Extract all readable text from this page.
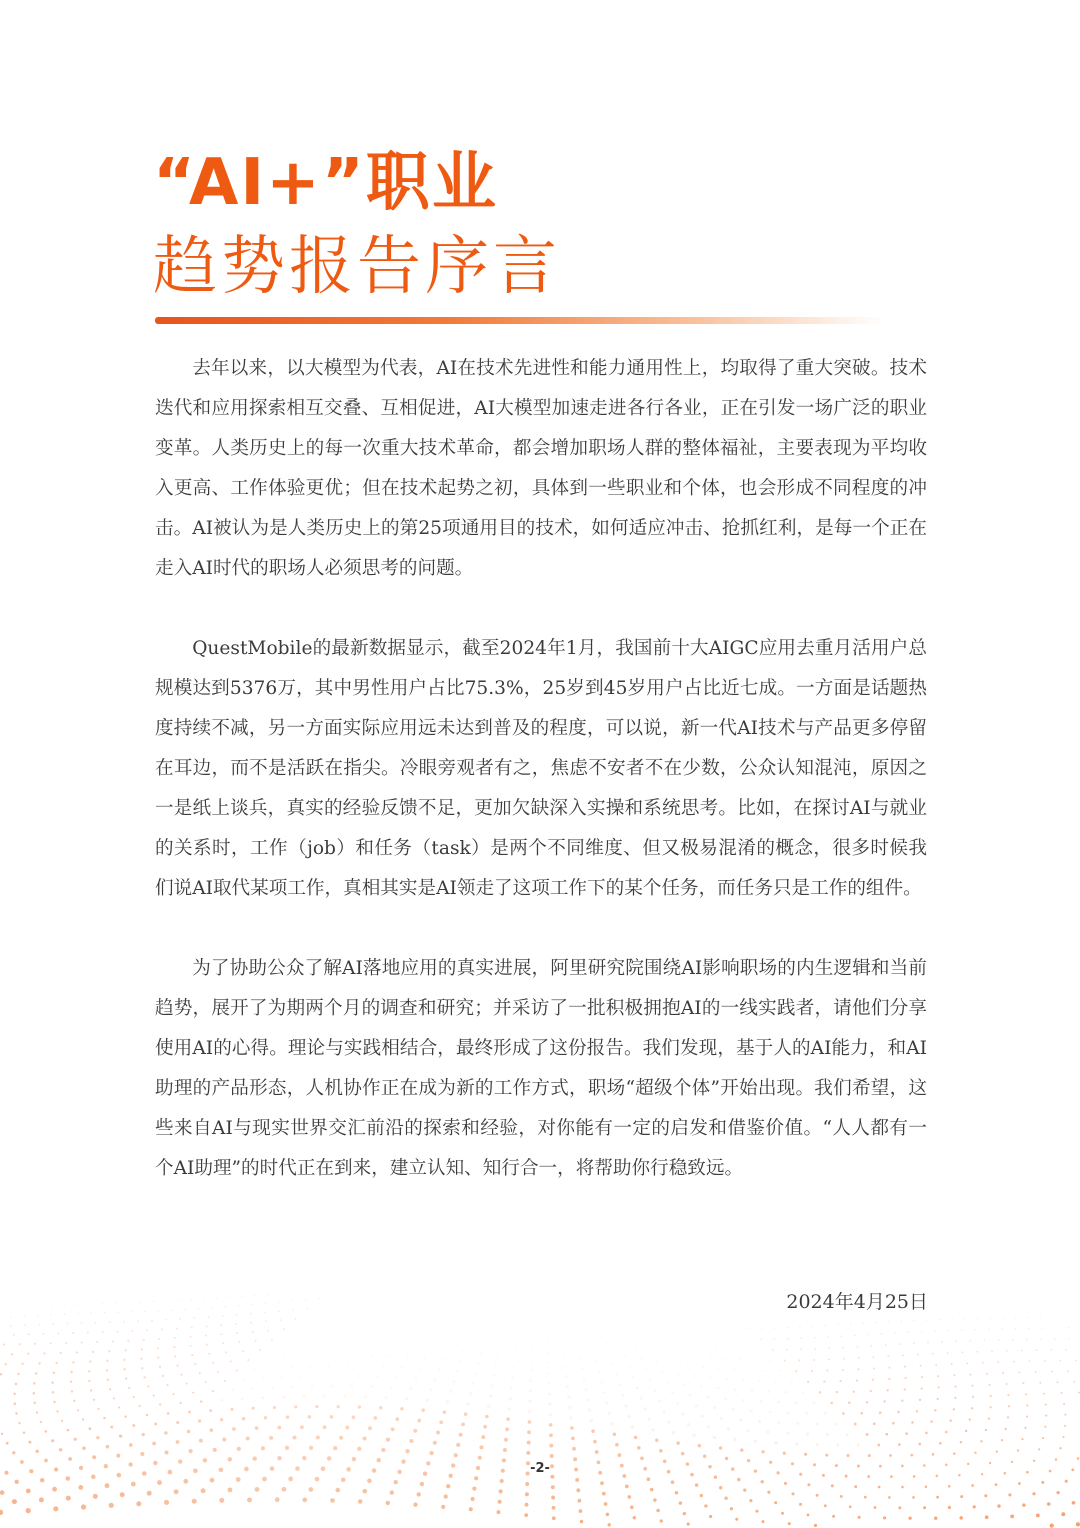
“AI+”职业
趋势报告序言

去年以来，以大模型为代表，AI在技术先进性和能力通用性上，均取得了重大突破。技术迭代和应用探索相互交叠、互相促进，AI大模型加速走进各行各业，正在引发一场广泛的职业变革。人类历史上的每一次重大技术革命，都会增加职场人群的整体福祉，主要表现为平均收入更高、工作体验更优；但在技术起势之初，具体到一些职业和个体，也会形成不同程度的冲击。AI被认为是人类历史上的第25项通用目的技术，如何适应冲击、抢抓红利，是每一个正在走入AI时代的职场人必须思考的问题。

QuestMobile的最新数据显示，截至2024年1月，我国前十大AIGC应用去重月活用户总规模达到5376万，其中男性用户占比75.3%，25岁到45岁用户占比近七成。一方面是话题热度持续不减，另一方面实际应用远未达到普及的程度，可以说，新一代AI技术与产品更多停留在耳边，而不是活跃在指尖。冷眼旁观者有之，焦虑不安者不在少数，公众认知混沌，原因之一是纸上谈兵，真实的经验反馈不足，更加欠缺深入实操和系统思考。比如，在探讨AI与就业的关系时，工作（job）和任务（task）是两个不同维度、但又极易混淆的概念，很多时候我们说AI取代某项工作，真相其实是AI领走了这项工作下的某个任务，而任务只是工作的组件。

为了协助公众了解AI落地应用的真实进展，阿里研究院围绕AI影响职场的内生逻辑和当前趋势，展开了为期两个月的调查和研究；并采访了一批积极拥抱AI的一线实践者，请他们分享使用AI的心得。理论与实践相结合，最终形成了这份报告。我们发现，基于人的AI能力，和AI助理的产品形态，人机协作正在成为新的工作方式，职场“超级个体”开始出现。我们希望，这些来自AI与现实世界交汇前沿的探索和经验，对你能有一定的启发和借鉴价值。“人人都有一个AI助理”的时代正在到来，建立认知、知行合一，将帮助你行稳致远。

2024年4月25日
-2-
